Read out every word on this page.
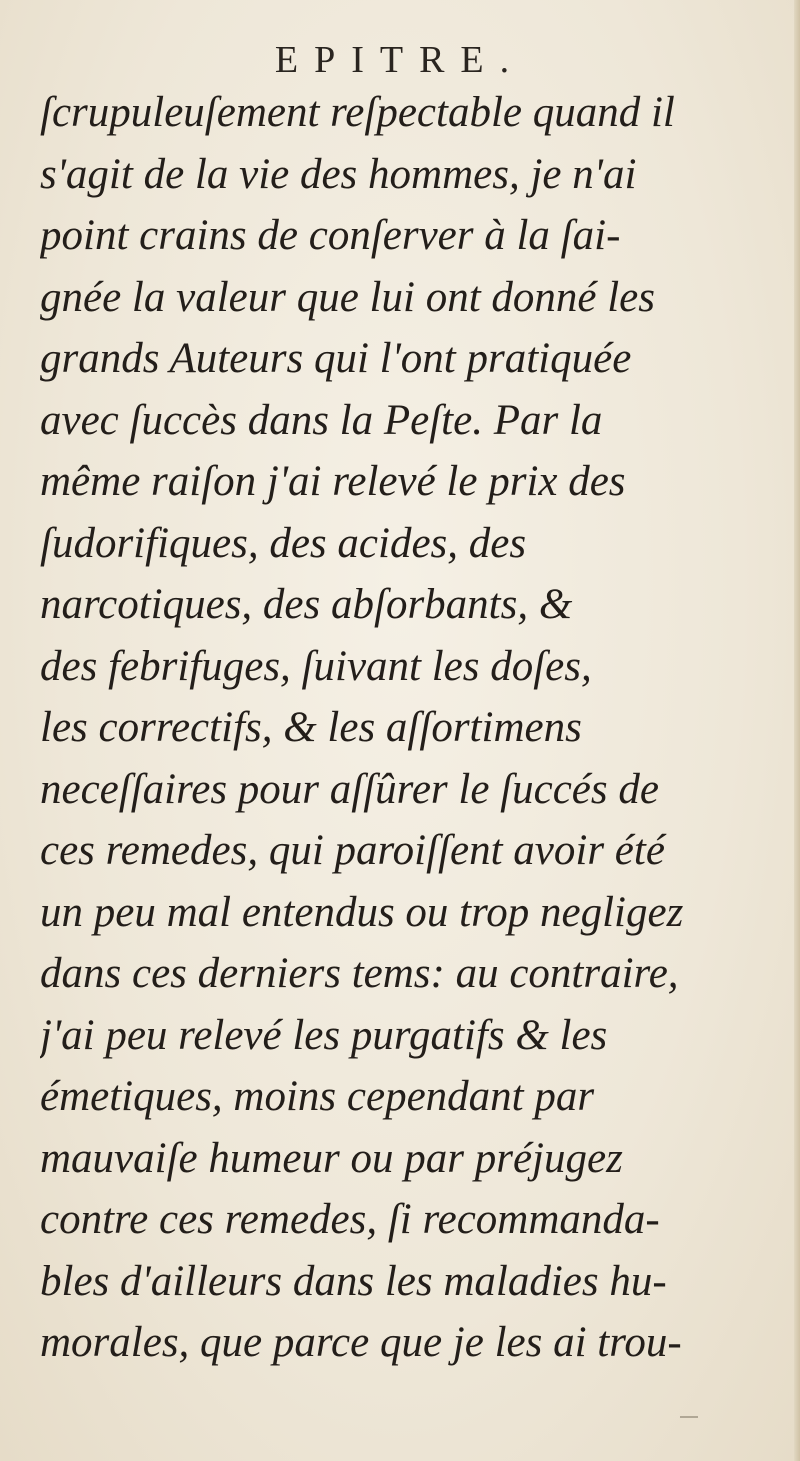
EPITRE.
ſcrupuleuſement reſpectable quand il
s'agit de la vie des hommes, je n'ai
point crains de conſerver à la ſai-
gnée la valeur que lui ont donné les
grands Auteurs qui l'ont pratiquée
avec ſuccès dans la Peſte. Par la
même raiſon j'ai relevé le prix des
ſudorifiques, des acides, des
narcotiques, des abſorbants, &
des febrifuges, ſuivant les doſes,
les correctifs, & les aſſortimens
neceſſaires pour aſſûrer le ſuccés de
ces remedes, qui paroiſſent avoir été
un peu mal entendus ou trop negligez
dans ces derniers tems: au contraire,
j'ai peu relevé les purgatifs & les
émetiques, moins cependant par
mauvaiſe humeur ou par préjugez
contre ces remedes, ſi recommanda-
bles d'ailleurs dans les maladies hu-
morales, que parce que je les ai trou-
